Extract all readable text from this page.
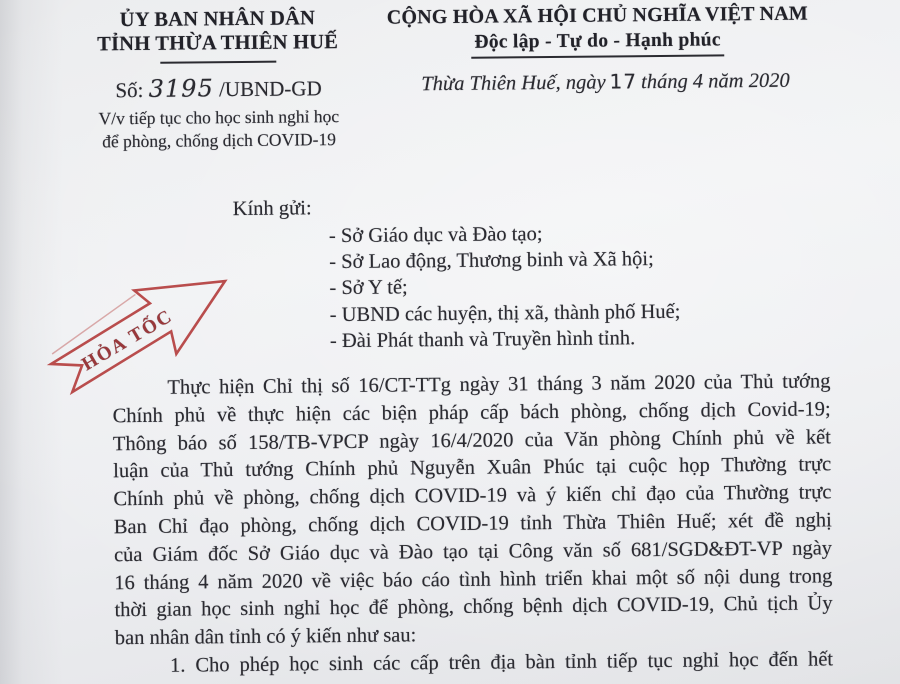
ỦY BAN NHÂN DÂN
TỈNH THỪA THIÊN HUẾ
Số: 3195 /UBND-GD
V/v tiếp tục cho học sinh nghỉ học
để phòng, chống dịch COVID-19
CỘNG HÒA XÃ HỘI CHỦ NGHĨA VIỆT NAM
Độc lập - Tự do - Hạnh phúc
Thừa Thiên Huế, ngày 17 tháng 4 năm 2020
HỎA TỐC
Kính gửi:
- Sở Giáo dục và Đào tạo;
- Sở Lao động, Thương binh và Xã hội;
- Sở Y tế;
- UBND các huyện, thị xã, thành phố Huế;
- Đài Phát thanh và Truyền hình tỉnh.
Thực hiện Chỉ thị số 16/CT-TTg ngày 31 tháng 3 năm 2020 của Thủ tướng
Chính phủ về thực hiện các biện pháp cấp bách phòng, chống dịch Covid-19;
Thông báo số 158/TB-VPCP ngày 16/4/2020 của Văn phòng Chính phủ về kết
luận của Thủ tướng Chính phủ Nguyễn Xuân Phúc tại cuộc họp Thường trực
Chính phủ về phòng, chống dịch COVID-19 và ý kiến chỉ đạo của Thường trực
Ban Chỉ đạo phòng, chống dịch COVID-19 tỉnh Thừa Thiên Huế; xét đề nghị
của Giám đốc Sở Giáo dục và Đào tạo tại Công văn số 681/SGD&ĐT-VP ngày
16 tháng 4 năm 2020 về việc báo cáo tình hình triển khai một số nội dung trong
thời gian học sinh nghỉ học để phòng, chống bệnh dịch COVID-19, Chủ tịch Ủy
ban nhân dân tỉnh có ý kiến như sau:
1. Cho phép học sinh các cấp trên địa bàn tỉnh tiếp tục nghỉ học đến hết
